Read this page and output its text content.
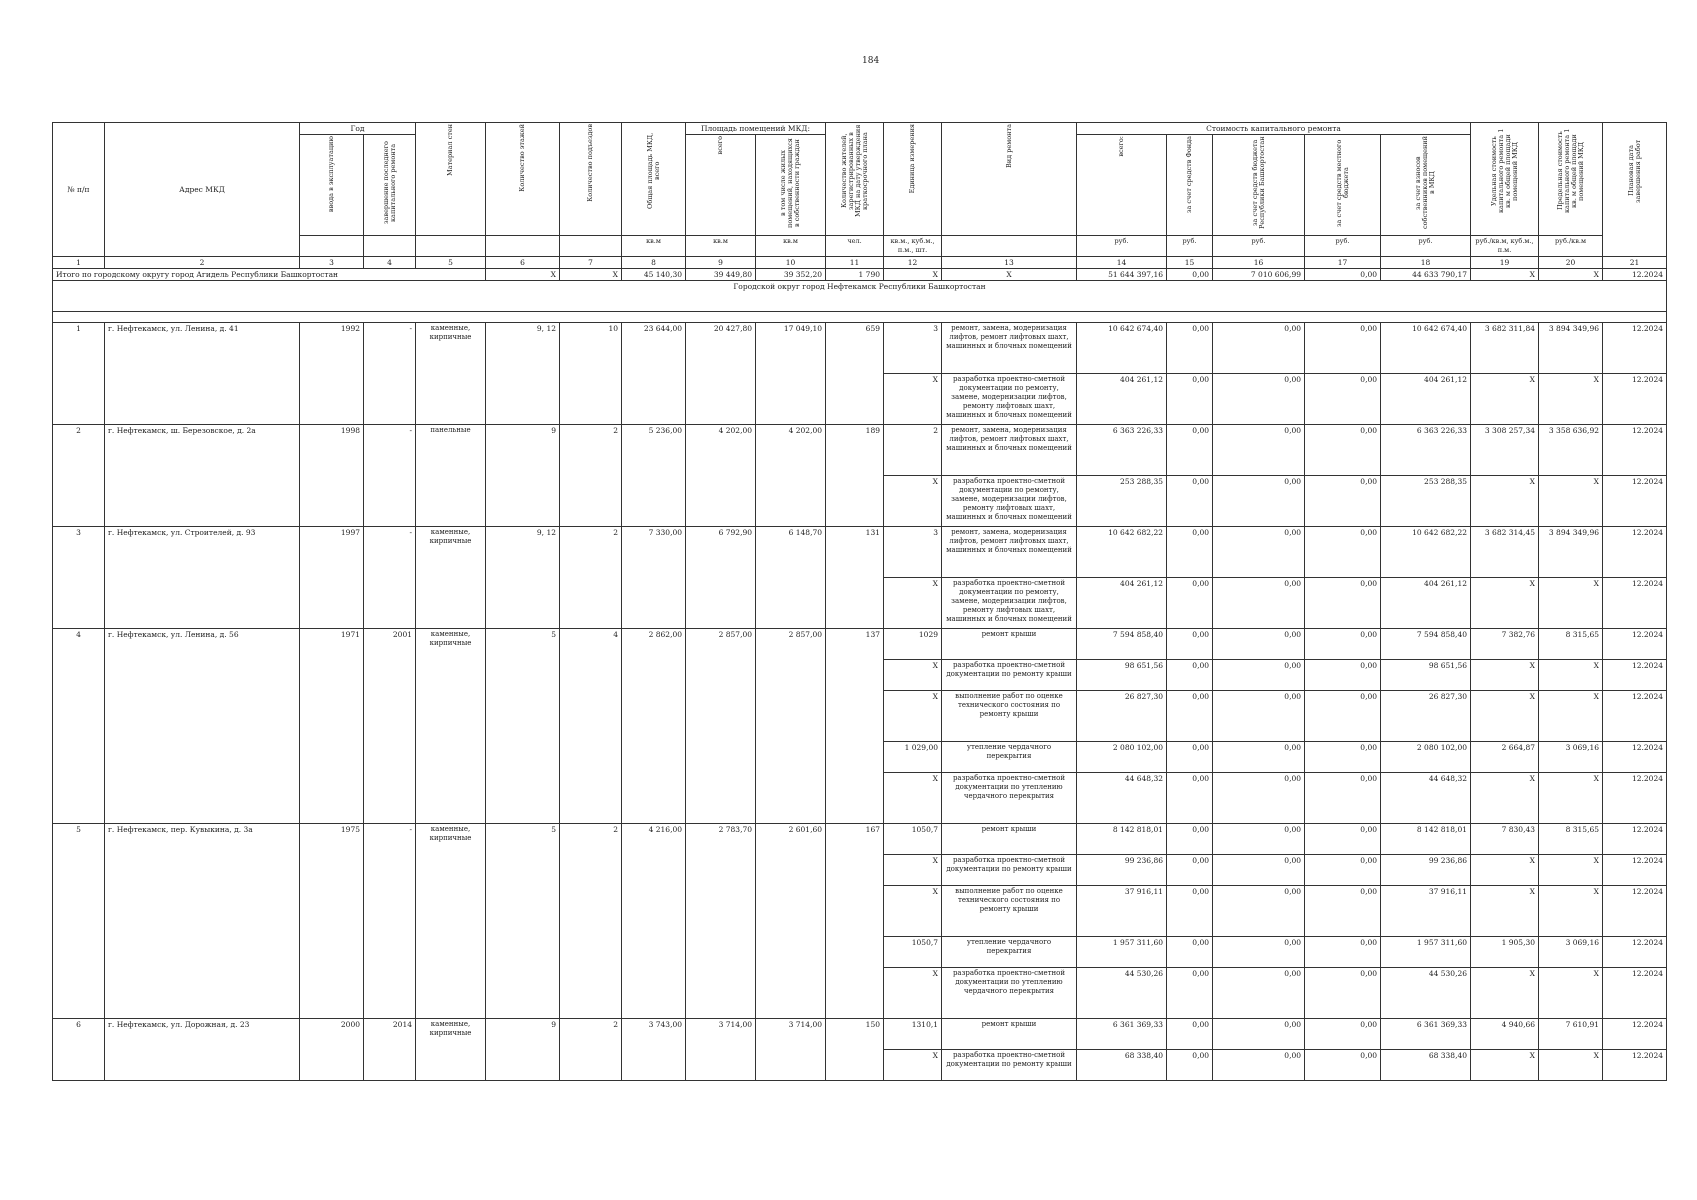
184
№ п/п	Адрес МКД	Год		Материал стен	Количество этажей	Количество подъездов	Общая площадь МКД, всего	Площадь помещений МКД:		Количество жителей, зарегистрированных в МКД на дату утверждения краткосрочного плана	Единица измерения	Вид ремонта	Стоимость капитального ремонта					Удельная стоимость капитального ремонта 1 кв. м общей площади помещений МКД	Предельная стоимость капитального ремонта 1 кв. м общей площади помещений МКД	Плановая дата завершения работ
		ввода в эксплуатацию	завершение последнего капитального ремонта					всего	в том числе жилых помещений, находящихся в собственности граждан				всего:	за счет средств Фонда	за счет средств бюджета Республики Башкортостан	за счет средств местного бюджета	за счет взносов собственников помещений в МКД			
							кв.м	кв.м	кв.м	чел.	кв.м., куб.м., п.м., шт.		руб.	руб.	руб.	руб.	руб.	руб./кв.м, куб.м., п.м.	руб./кв.м	
1	2	3	4	5	6	7	8	9	10	11	12	13	14	15	16	17	18	19	20	21
Итого по городскому округу город Агидель Республики Башкортостан					X	X	45 140,30	39 449,80	39 352,20	1 790	X	X	51 644 397,16	0,00	7 010 606,99	0,00	44 633 790,17	X	X	12.2024
Городской округ город Нефтекамск Республики Башкортостан																				

1	г. Нефтекамск, ул. Ленина, д. 41	1992	-	каменные, кирпичные	9, 12	10	23 644,00	20 427,80	17 049,10	659	3	ремонт, замена, модернизация лифтов, ремонт лифтовых шахт, машинных и блочных помещений	10 642 674,40	0,00	0,00	0,00	10 642 674,40	3 682 311,84	3 894 349,96	12.2024
											X	разработка проектно-сметной документации по ремонту, замене, модернизации лифтов, ремонту лифтовых шахт, машинных и блочных помещений	404 261,12	0,00	0,00	0,00	404 261,12	X	X	12.2024
2	г. Нефтекамск, ш. Березовское, д. 2а	1998	-	панельные	9	2	5 236,00	4 202,00	4 202,00	189	2	ремонт, замена, модернизация лифтов, ремонт лифтовых шахт, машинных и блочных помещений	6 363 226,33	0,00	0,00	0,00	6 363 226,33	3 308 257,34	3 358 636,92	12.2024
											X	разработка проектно-сметной документации по ремонту, замене, модернизации лифтов, ремонту лифтовых шахт, машинных и блочных помещений	253 288,35	0,00	0,00	0,00	253 288,35	X	X	12.2024
3	г. Нефтекамск, ул. Строителей, д. 93	1997	-	каменные, кирпичные	9, 12	2	7 330,00	6 792,90	6 148,70	131	3	ремонт, замена, модернизация лифтов, ремонт лифтовых шахт, машинных и блочных помещений	10 642 682,22	0,00	0,00	0,00	10 642 682,22	3 682 314,45	3 894 349,96	12.2024
											X	разработка проектно-сметной документации по ремонту, замене, модернизации лифтов, ремонту лифтовых шахт, машинных и блочных помещений	404 261,12	0,00	0,00	0,00	404 261,12	X	X	12.2024
4	г. Нефтекамск, ул. Ленина, д. 56	1971	2001	каменные, кирпичные	5	4	2 862,00	2 857,00	2 857,00	137	1029	ремонт крыши	7 594 858,40	0,00	0,00	0,00	7 594 858,40	7 382,76	8 315,65	12.2024
											X	разработка проектно-сметной документации по ремонту крыши	98 651,56	0,00	0,00	0,00	98 651,56	X	X	12.2024
											X	выполнение работ по оценке технического состояния по ремонту крыши	26 827,30	0,00	0,00	0,00	26 827,30	X	X	12.2024
											1 029,00	утепление чердачного перекрытия	2 080 102,00	0,00	0,00	0,00	2 080 102,00	2 664,87	3 069,16	12.2024
											X	разработка проектно-сметной документации по утеплению чердачного перекрытия	44 648,32	0,00	0,00	0,00	44 648,32	X	X	12.2024
5	г. Нефтекамск, пер. Кувыкина, д. 3а	1975	-	каменные, кирпичные	5	2	4 216,00	2 783,70	2 601,60	167	1050,7	ремонт крыши	8 142 818,01	0,00	0,00	0,00	8 142 818,01	7 830,43	8 315,65	12.2024
											X	разработка проектно-сметной документации по ремонту крыши	99 236,86	0,00	0,00	0,00	99 236,86	X	X	12.2024
											X	выполнение работ по оценке технического состояния по ремонту крыши	37 916,11	0,00	0,00	0,00	37 916,11	X	X	12.2024
											1050,7	утепление чердачного перекрытия	1 957 311,60	0,00	0,00	0,00	1 957 311,60	1 905,30	3 069,16	12.2024
											X	разработка проектно-сметной документации по утеплению чердачного перекрытия	44 530,26	0,00	0,00	0,00	44 530,26	X	X	12.2024
6	г. Нефтекамск, ул. Дорожная, д. 23	2000	2014	каменные, кирпичные	9	2	3 743,00	3 714,00	3 714,00	150	1310,1	ремонт крыши	6 361 369,33	0,00	0,00	0,00	6 361 369,33	4 940,66	7 610,91	12.2024
											X	разработка проектно-сметной документации по ремонту крыши	68 338,40	0,00	0,00	0,00	68 338,40	X	X	12.2024
